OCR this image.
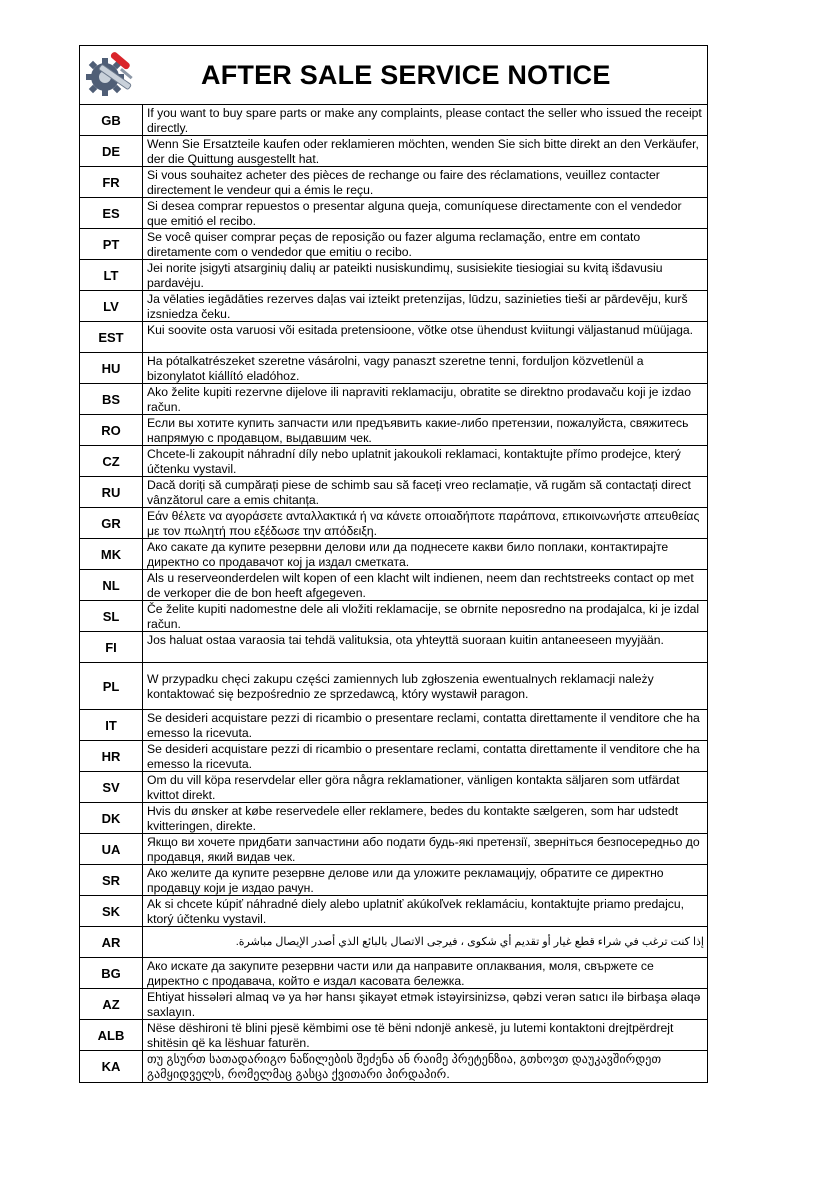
AFTER SALE SERVICE NOTICE
GB	If you want to buy spare parts or make any complaints, please contact the seller who issued the receipt directly.
DE	Wenn Sie Ersatzteile kaufen oder reklamieren möchten, wenden Sie sich bitte direkt an den Verkäufer, der die Quittung ausgestellt hat.
FR	Si vous souhaitez acheter des pièces de rechange ou faire des réclamations, veuillez contacter directement le vendeur qui a émis le reçu.
ES	Si desea comprar repuestos o presentar alguna queja, comuníquese directamente con el vendedor que emitió el recibo.
PT	Se você quiser comprar peças de reposição ou fazer alguma reclamação, entre em contato diretamente com o vendedor que emitiu o recibo.
LT	Jei norite įsigyti atsarginių dalių ar pateikti nusiskundimų, susisiekite tiesiogiai su kvitą išdavusiu pardavėju.
LV	Ja vēlaties iegādāties rezerves daļas vai izteikt pretenzijas, lūdzu, sazinieties tieši ar pārdevēju, kurš izsniedza čeku.
EST	Kui soovite osta varuosi või esitada pretensioone, võtke otse ühendust kviitungi väljastanud müüjaga.
HU	Ha pótalkatrészeket szeretne vásárolni, vagy panaszt szeretne tenni, forduljon közvetlenül a bizonylatot kiállító eladóhoz.
BS	Ako želite kupiti rezervne dijelove ili napraviti reklamaciju, obratite se direktno prodavaču koji je izdao račun.
RO	Если вы хотите купить запчасти или предъявить какие-либо претензии, пожалуйста, свяжитесь напрямую с продавцом, выдавшим чек.
CZ	Chcete-li zakoupit náhradní díly nebo uplatnit jakoukoli reklamaci, kontaktujte přímo prodejce, který účtenku vystavil.
RU	Dacă doriți să cumpărați piese de schimb sau să faceți vreo reclamație, vă rugăm să contactați direct vânzătorul care a emis chitanța.
GR	Εάν θέλετε να αγοράσετε ανταλλακτικά ή να κάνετε οποιαδήποτε παράπονα, επικοινωνήστε απευθείας με τον πωλητή που εξέδωσε την απόδειξη.
MK	Ако сакате да купите резервни делови или да поднесете какви било поплаки, контактирајте директно со продавачот кој ја издал сметката.
NL	Als u reserveonderdelen wilt kopen of een klacht wilt indienen, neem dan rechtstreeks contact op met de verkoper die de bon heeft afgegeven.
SL	Če želite kupiti nadomestne dele ali vložiti reklamacije, se obrnite neposredno na prodajalca, ki je izdal račun.
FI	Jos haluat ostaa varaosia tai tehdä valituksia, ota yhteyttä suoraan kuitin antaneeseen myyjään.
PL	W przypadku chęci zakupu części zamiennych lub zgłoszenia ewentualnych reklamacji należy kontaktować się bezpośrednio ze sprzedawcą, który wystawił paragon.
IT	Se desideri acquistare pezzi di ricambio o presentare reclami, contatta direttamente il venditore che ha emesso la ricevuta.
HR	Se desideri acquistare pezzi di ricambio o presentare reclami, contatta direttamente il venditore che ha emesso la ricevuta.
SV	Om du vill köpa reservdelar eller göra några reklamationer, vänligen kontakta säljaren som utfärdat kvittot direkt.
DK	Hvis du ønsker at købe reservedele eller reklamere, bedes du kontakte sælgeren, som har udstedt kvitteringen, direkte.
UA	Якщо ви хочете придбати запчастини або подати будь-які претензії, зверніться безпосередньо до продавця, який видав чек.
SR	Ако желите да купите резервне делове или да уложите рекламацију, обратите се директно продавцу који је издао рачун.
SK	Ak si chcete kúpiť náhradné diely alebo uplatniť akúkoľvek reklamáciu, kontaktujte priamo predajcu, ktorý účtenku vystavil.
AR	إذا كنت ترغب في شراء قطع غيار أو تقديم أي شكوى ، فيرجى الاتصال بالبائع الذي أصدر الإيصال مباشرة.
BG	Ако искате да закупите резервни части или да направите оплаквания, моля, свържете се директно с продавача, който е издал касовата бележка.
AZ	Ehtiyat hissələri almaq və ya hər hansı şikayət etmək istəyirsinizsə, qəbzi verən satıcı ilə birbaşa əlaqə saxlayın.
ALB	Nëse dëshironi të blini pjesë këmbimi ose të bëni ndonjë ankesë, ju lutemi kontaktoni drejtpërdrejt shitësin që ka lëshuar faturën.
KA	თუ გსურთ სათადარიგო ნაწილების შეძენა ან რაიმე პრეტენზია, გთხოვთ დაუკავშირდეთ გამყიდველს, რომელმაც გასცა ქვითარი პირდაპირ.
